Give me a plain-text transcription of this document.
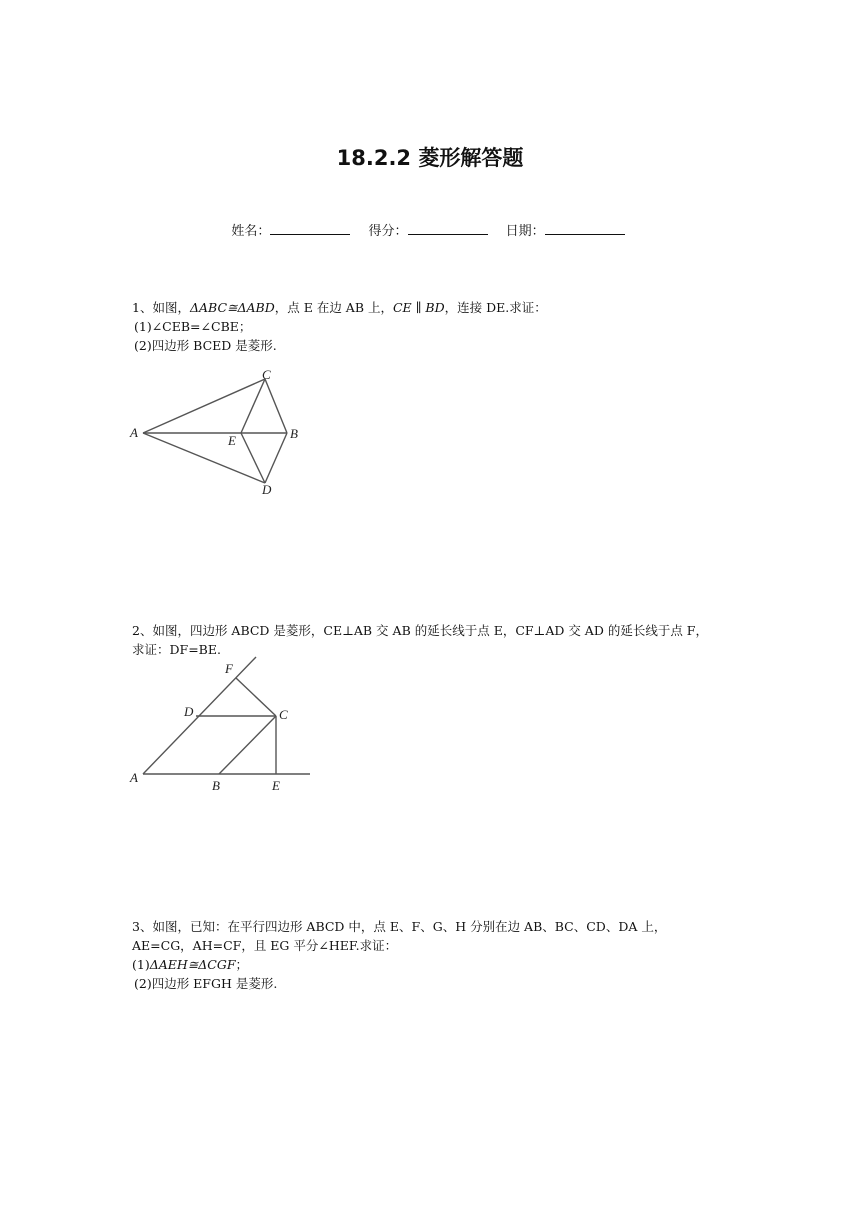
18.2.2 菱形解答题
姓名：	得分：	日期：
1、如图，ΔABC≅ΔABD，点 E 在边 AB 上，CE ∥ BD，连接 DE.求证：
(1)∠CEB=∠CBE；
(2)四边形 BCED 是菱形.
A
C
B
E
D
2、如图，四边形 ABCD 是菱形，CE⊥AB 交 AB 的延长线于点 E，CF⊥AD 交 AD 的延长线于点 F，
求证：DF=BE.
A
B	E
C
D
F
3、如图，已知：在平行四边形 ABCD 中，点 E、F、G、H 分别在边 AB、BC、CD、DA 上，
AE=CG，AH=CF，且 EG 平分∠HEF.求证：
(1)ΔAEH≅ΔCGF；
(2)四边形 EFGH 是菱形.
